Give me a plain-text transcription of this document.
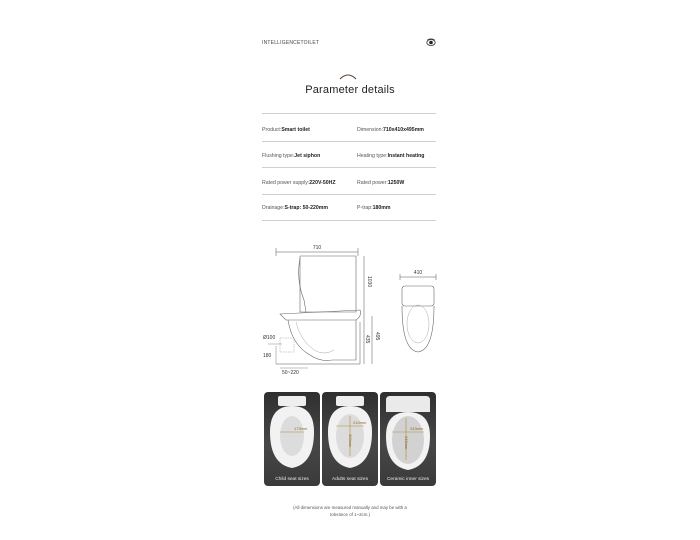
INTELLIGENCETOILET
Parameter details
Product:Smart toilet	Dimension:710x410x495mm
Flushing type:Jet siphon	Heating type:Instant heating
Rated power supply:220V-50HZ	Rated power:1250W
Drainage:S-trap: 50-220mm	P-trap:180mm
710
Ø100
180
50~220
1030
495
435
410
173mm
Child seat sizes
210mm
300mm
Adults seat sizes
243mm
345mm
Ceramic inner sizes
(All dimensions are measured manually and may be with a
tolerance of 1~2cm.)
